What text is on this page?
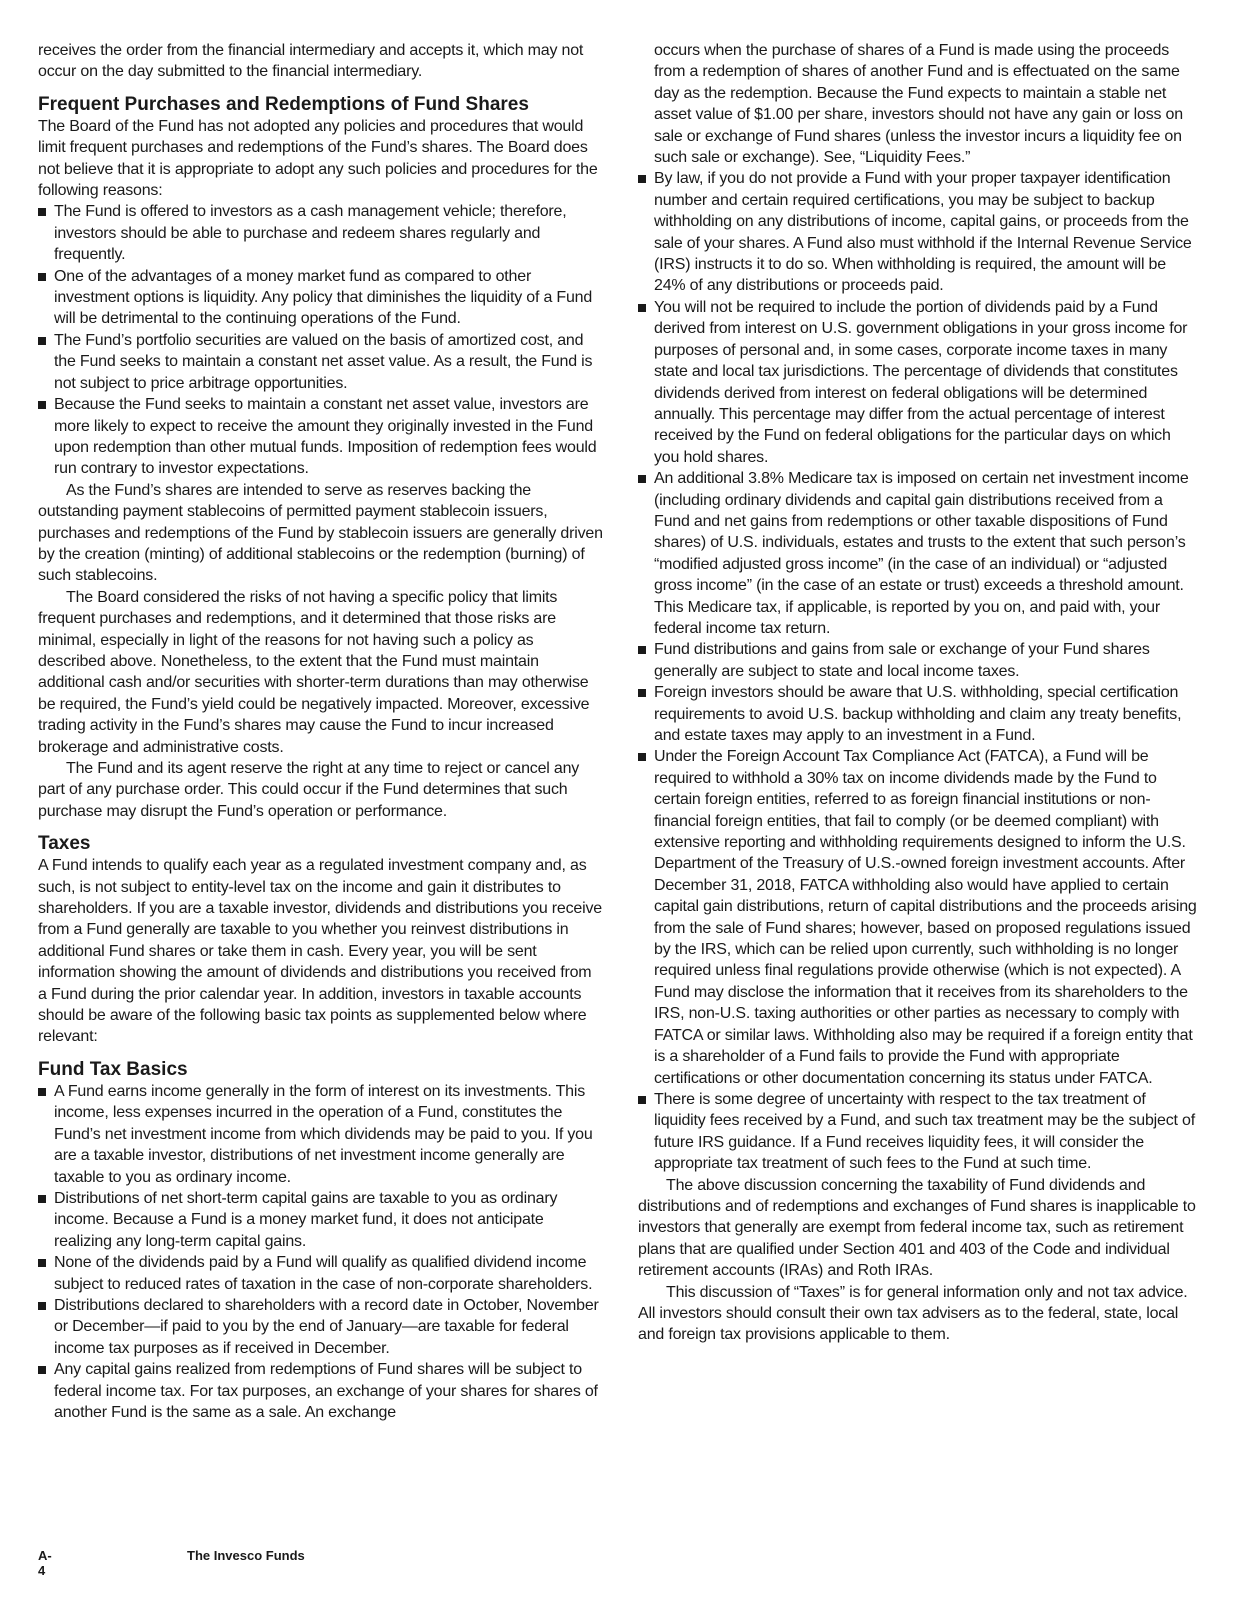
receives the order from the financial intermediary and accepts it, which may not occur on the day submitted to the financial intermediary.

Frequent Purchases and Redemptions of Fund Shares

The Board of the Fund has not adopted any policies and procedures that would limit frequent purchases and redemptions of the Fund’s shares. The Board does not believe that it is appropriate to adopt any such policies and procedures for the following reasons:

The Fund is offered to investors as a cash management vehicle; therefore, investors should be able to purchase and redeem shares regularly and frequently.
One of the advantages of a money market fund as compared to other investment options is liquidity. Any policy that diminishes the liquidity of a Fund will be detrimental to the continuing operations of the Fund.
The Fund’s portfolio securities are valued on the basis of amortized cost, and the Fund seeks to maintain a constant net asset value. As a result, the Fund is not subject to price arbitrage opportunities.
Because the Fund seeks to maintain a constant net asset value, investors are more likely to expect to receive the amount they originally invested in the Fund upon redemption than other mutual funds. Imposition of redemption fees would run contrary to investor expectations.

As the Fund’s shares are intended to serve as reserves backing the outstanding payment stablecoins of permitted payment stablecoin issuers, purchases and redemptions of the Fund by stablecoin issuers are generally driven by the creation (minting) of additional stablecoins or the redemption (burning) of such stablecoins.

The Board considered the risks of not having a specific policy that limits frequent purchases and redemptions, and it determined that those risks are minimal, especially in light of the reasons for not having such a policy as described above. Nonetheless, to the extent that the Fund must maintain additional cash and/or securities with shorter-term durations than may otherwise be required, the Fund’s yield could be negatively impacted. Moreover, excessive trading activity in the Fund’s shares may cause the Fund to incur increased brokerage and administrative costs.

The Fund and its agent reserve the right at any time to reject or cancel any part of any purchase order. This could occur if the Fund determines that such purchase may disrupt the Fund’s operation or performance.

Taxes

A Fund intends to qualify each year as a regulated investment company and, as such, is not subject to entity-level tax on the income and gain it distributes to shareholders. If you are a taxable investor, dividends and distributions you receive from a Fund generally are taxable to you whether you reinvest distributions in additional Fund shares or take them in cash. Every year, you will be sent information showing the amount of dividends and distributions you received from a Fund during the prior calendar year. In addition, investors in taxable accounts should be aware of the following basic tax points as supplemented below where relevant:

Fund Tax Basics
A Fund earns income generally in the form of interest on its investments. This income, less expenses incurred in the operation of a Fund, constitutes the Fund’s net investment income from which dividends may be paid to you. If you are a taxable investor, distributions of net investment income generally are taxable to you as ordinary income.
Distributions of net short-term capital gains are taxable to you as ordinary income. Because a Fund is a money market fund, it does not anticipate realizing any long-term capital gains.
None of the dividends paid by a Fund will qualify as qualified dividend income subject to reduced rates of taxation in the case of non-corporate shareholders.
Distributions declared to shareholders with a record date in October, November or December—if paid to you by the end of January—are taxable for federal income tax purposes as if received in December.
Any capital gains realized from redemptions of Fund shares will be subject to federal income tax. For tax purposes, an exchange of your shares for shares of another Fund is the same as a sale. An exchange

occurs when the purchase of shares of a Fund is made using the proceeds from a redemption of shares of another Fund and is effectuated on the same day as the redemption. Because the Fund expects to maintain a stable net asset value of $1.00 per share, investors should not have any gain or loss on sale or exchange of Fund shares (unless the investor incurs a liquidity fee on such sale or exchange). See, “Liquidity Fees.”

By law, if you do not provide a Fund with your proper taxpayer identification number and certain required certifications, you may be subject to backup withholding on any distributions of income, capital gains, or proceeds from the sale of your shares. A Fund also must withhold if the Internal Revenue Service (IRS) instructs it to do so. When withholding is required, the amount will be 24% of any distributions or proceeds paid.
You will not be required to include the portion of dividends paid by a Fund derived from interest on U.S. government obligations in your gross income for purposes of personal and, in some cases, corporate income taxes in many state and local tax jurisdictions. The percentage of dividends that constitutes dividends derived from interest on federal obligations will be determined annually. This percentage may differ from the actual percentage of interest received by the Fund on federal obligations for the particular days on which you hold shares.
An additional 3.8% Medicare tax is imposed on certain net investment income (including ordinary dividends and capital gain distributions received from a Fund and net gains from redemptions or other taxable dispositions of Fund shares) of U.S. individuals, estates and trusts to the extent that such person’s “modified adjusted gross income” (in the case of an individual) or “adjusted gross income” (in the case of an estate or trust) exceeds a threshold amount. This Medicare tax, if applicable, is reported by you on, and paid with, your federal income tax return.
Fund distributions and gains from sale or exchange of your Fund shares generally are subject to state and local income taxes.
Foreign investors should be aware that U.S. withholding, special certification requirements to avoid U.S. backup withholding and claim any treaty benefits, and estate taxes may apply to an investment in a Fund.
Under the Foreign Account Tax Compliance Act (FATCA), a Fund will be required to withhold a 30% tax on income dividends made by the Fund to certain foreign entities, referred to as foreign financial institutions or non-financial foreign entities, that fail to comply (or be deemed compliant) with extensive reporting and withholding requirements designed to inform the U.S. Department of the Treasury of U.S.-owned foreign investment accounts. After December 31, 2018, FATCA withholding also would have applied to certain capital gain distributions, return of capital distributions and the proceeds arising from the sale of Fund shares; however, based on proposed regulations issued by the IRS, which can be relied upon currently, such withholding is no longer required unless final regulations provide otherwise (which is not expected). A Fund may disclose the information that it receives from its shareholders to the IRS, non-U.S. taxing authorities or other parties as necessary to comply with FATCA or similar laws. Withholding also may be required if a foreign entity that is a shareholder of a Fund fails to provide the Fund with appropriate certifications or other documentation concerning its status under FATCA.
There is some degree of uncertainty with respect to the tax treatment of liquidity fees received by a Fund, and such tax treatment may be the subject of future IRS guidance. If a Fund receives liquidity fees, it will consider the appropriate tax treatment of such fees to the Fund at such time.

The above discussion concerning the taxability of Fund dividends and distributions and of redemptions and exchanges of Fund shares is inapplicable to investors that generally are exempt from federal income tax, such as retirement plans that are qualified under Section 401 and 403 of the Code and individual retirement accounts (IRAs) and Roth IRAs.

This discussion of “Taxes” is for general information only and not tax advice. All investors should consult their own tax advisers as to the federal, state, local and foreign tax provisions applicable to them.

A-4
The Invesco Funds
